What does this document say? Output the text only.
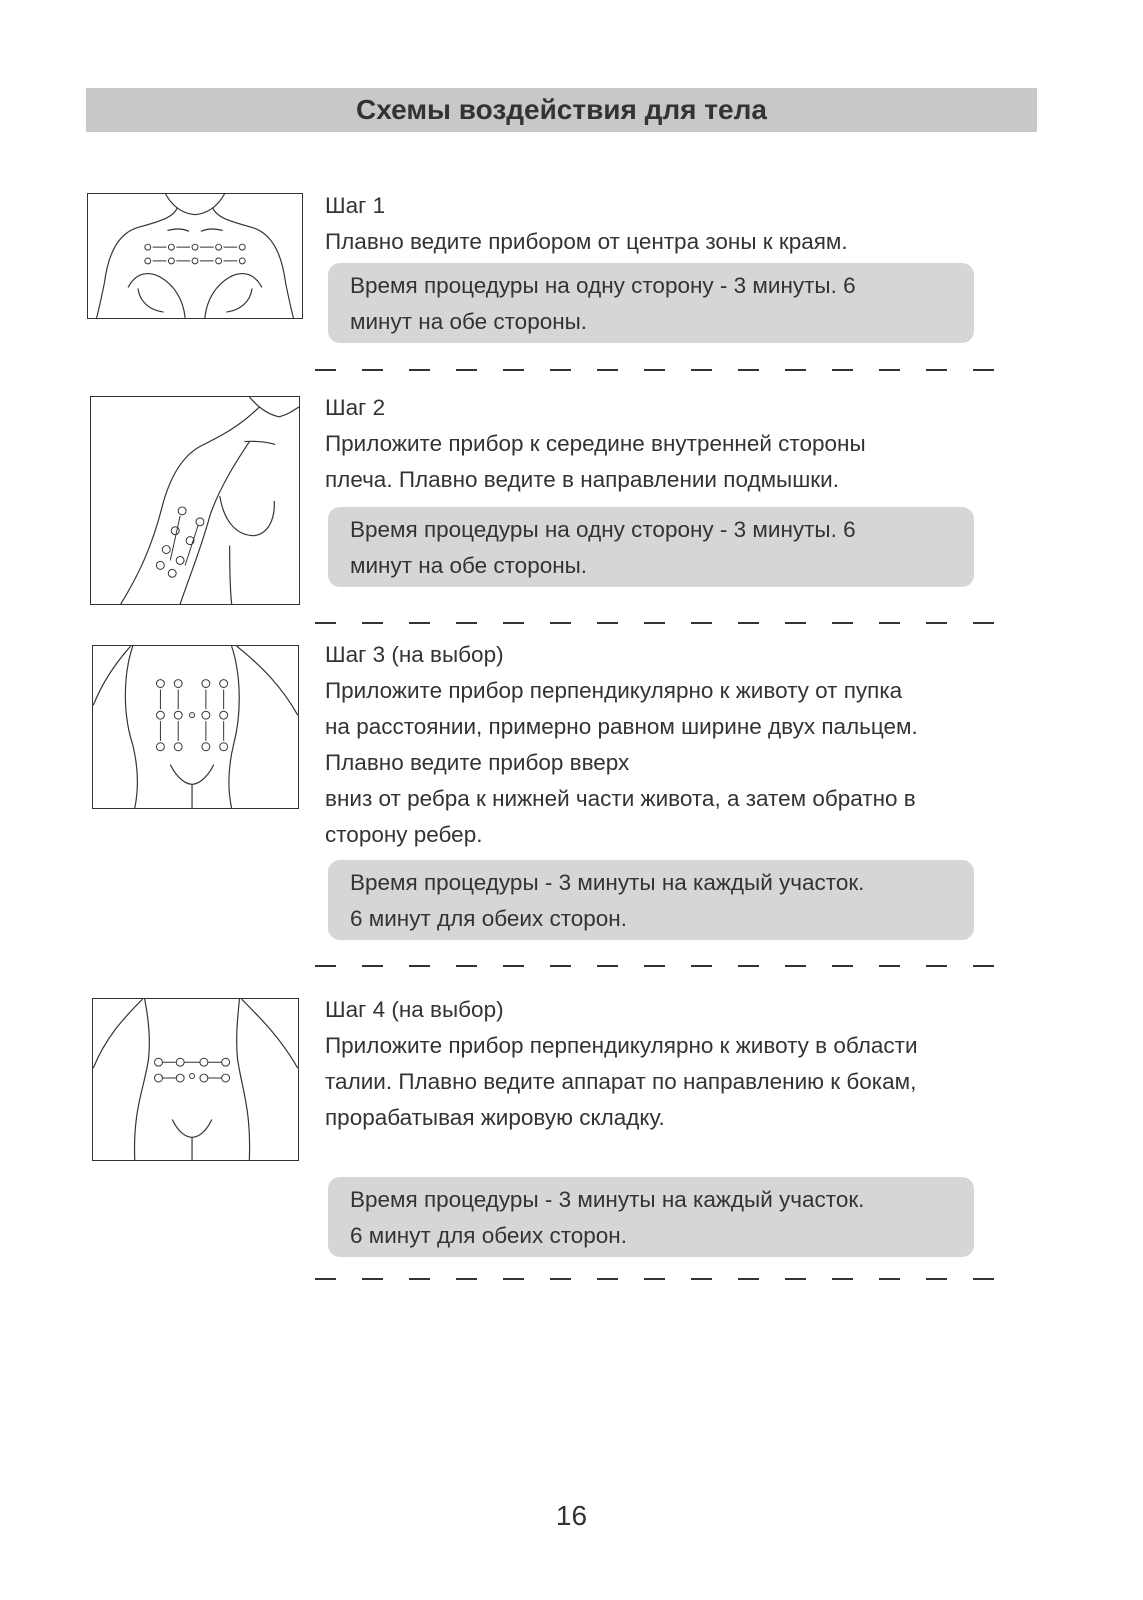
Схемы воздействия для тела
Шаг 1
Плавно ведите прибором от центра зоны к краям.
Время процедуры на одну сторону - 3 минуты. 6
минут на обе стороны.
Шаг 2
Приложите прибор к середине внутренней стороны
плеча. Плавно ведите в направлении подмышки.
Время процедуры на одну сторону - 3 минуты. 6
минут на обе стороны.
Шаг 3 (на выбор)
Приложите прибор перпендикулярно к животу от пупка
на расстоянии, примерно равном ширине двух пальцем.
Плавно ведите прибор вверх
вниз от ребра к нижней части живота, а затем обратно в
сторону ребер.
Время процедуры - 3 минуты на каждый участок.
6 минут для обеих сторон.
Шаг 4 (на выбор)
Приложите прибор перпендикулярно к животу в области
талии. Плавно ведите аппарат по направлению к бокам,
прорабатывая жировую складку.
Время процедуры - 3 минуты на каждый участок.
6 минут для обеих сторон.
16
